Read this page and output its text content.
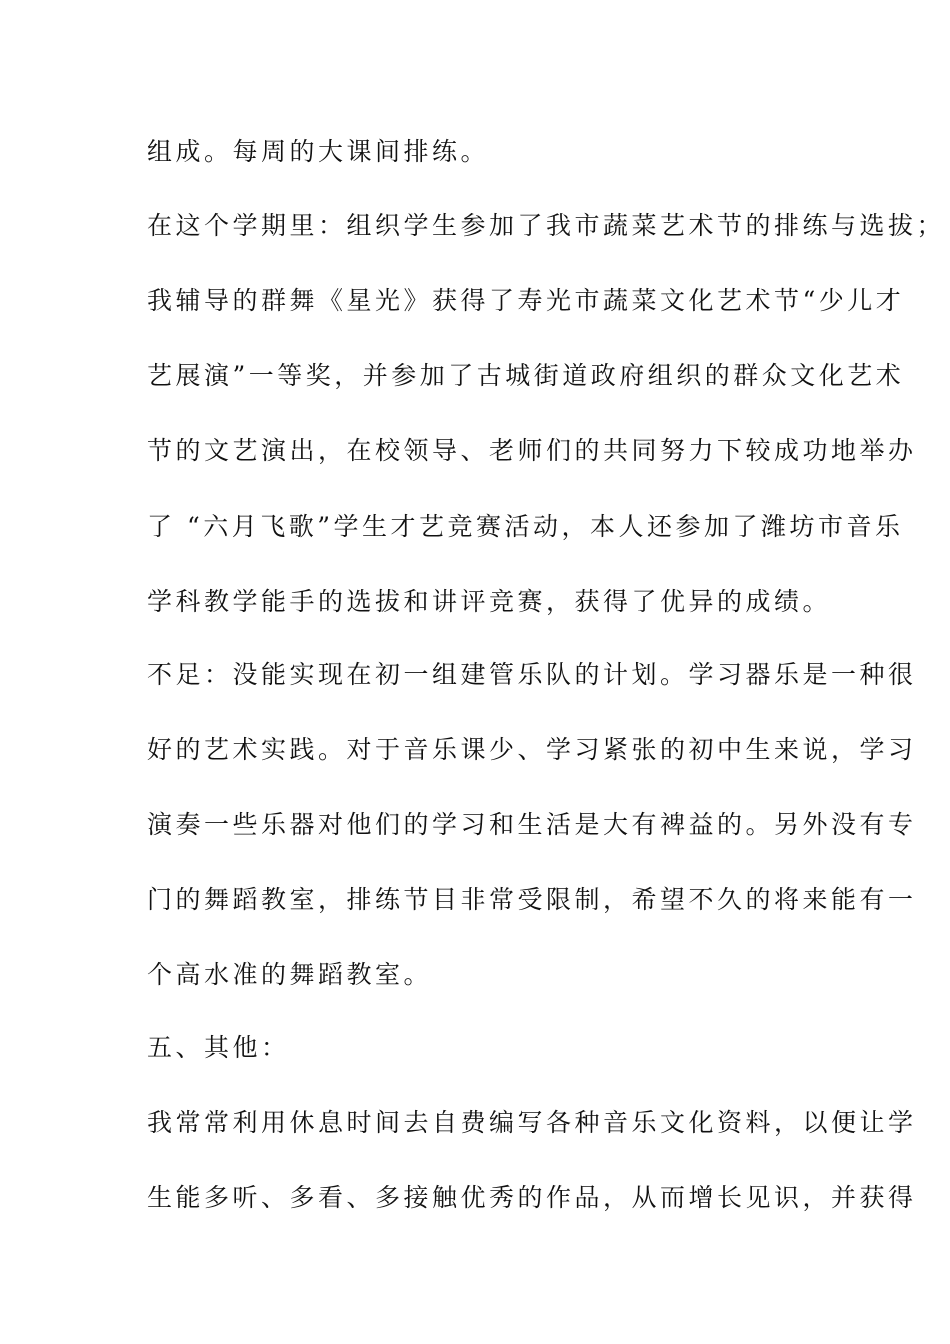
组成。每周的大课间排练。
在这个学期里：组织学生参加了我市蔬菜艺术节的排练与选拔；
我辅导的群舞《星光》获得了寿光市蔬菜文化艺术节“少儿才
艺展演”一等奖，并参加了古城街道政府组织的群众文化艺术
节的文艺演出，在校领导、老师们的共同努力下较成功地举办
了 “六月飞歌”学生才艺竞赛活动，本人还参加了潍坊市音乐
学科教学能手的选拔和讲评竞赛，获得了优异的成绩。
不足：没能实现在初一组建管乐队的计划。学习器乐是一种很
好的艺术实践。对于音乐课少、学习紧张的初中生来说，学习
演奏一些乐器对他们的学习和生活是大有裨益的。另外没有专
门的舞蹈教室，排练节目非常受限制，希望不久的将来能有一
个高水准的舞蹈教室。
五、其他：
我常常利用休息时间去自费编写各种音乐文化资料，以便让学
生能多听、多看、多接触优秀的作品，从而增长见识，并获得
